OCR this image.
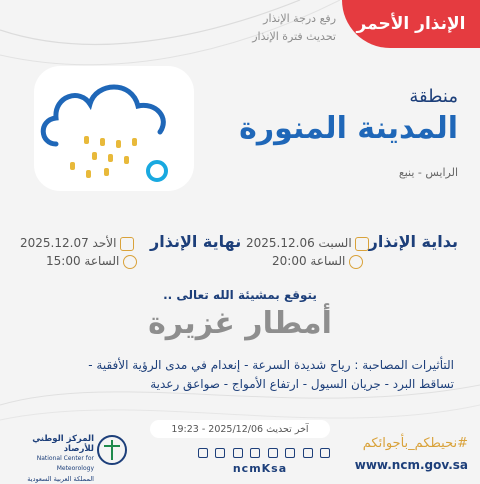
الإنذار الأحمر
رفع درجة الإنذار
تحديث فترة الإنذار
منطقة
المدينة المنورة
الرايس - ينبع
بداية الإنذار
السبت 2025.12.06
الساعة 20:00
نهاية الإنذار
الأحد 2025.12.07
الساعة 15:00
يتوقع بمشيئة الله تعالى ..
أمطار غزيرة
التأثيرات المصاحبة : رياح شديدة السرعة - إنعدام في مدى الرؤية الأفقية -
تساقط البرد - جريان السيول - ارتفاع الأمواج - صواعق رعدية
آخر تحديث 2025/12/06 - 19:23
#نحيطكم_بأجوائكم
www.ncm.gov.sa
ncmKsa
المركز الوطني للأرصاد
National Center for Meteorology
المملكة العربية السعودية
